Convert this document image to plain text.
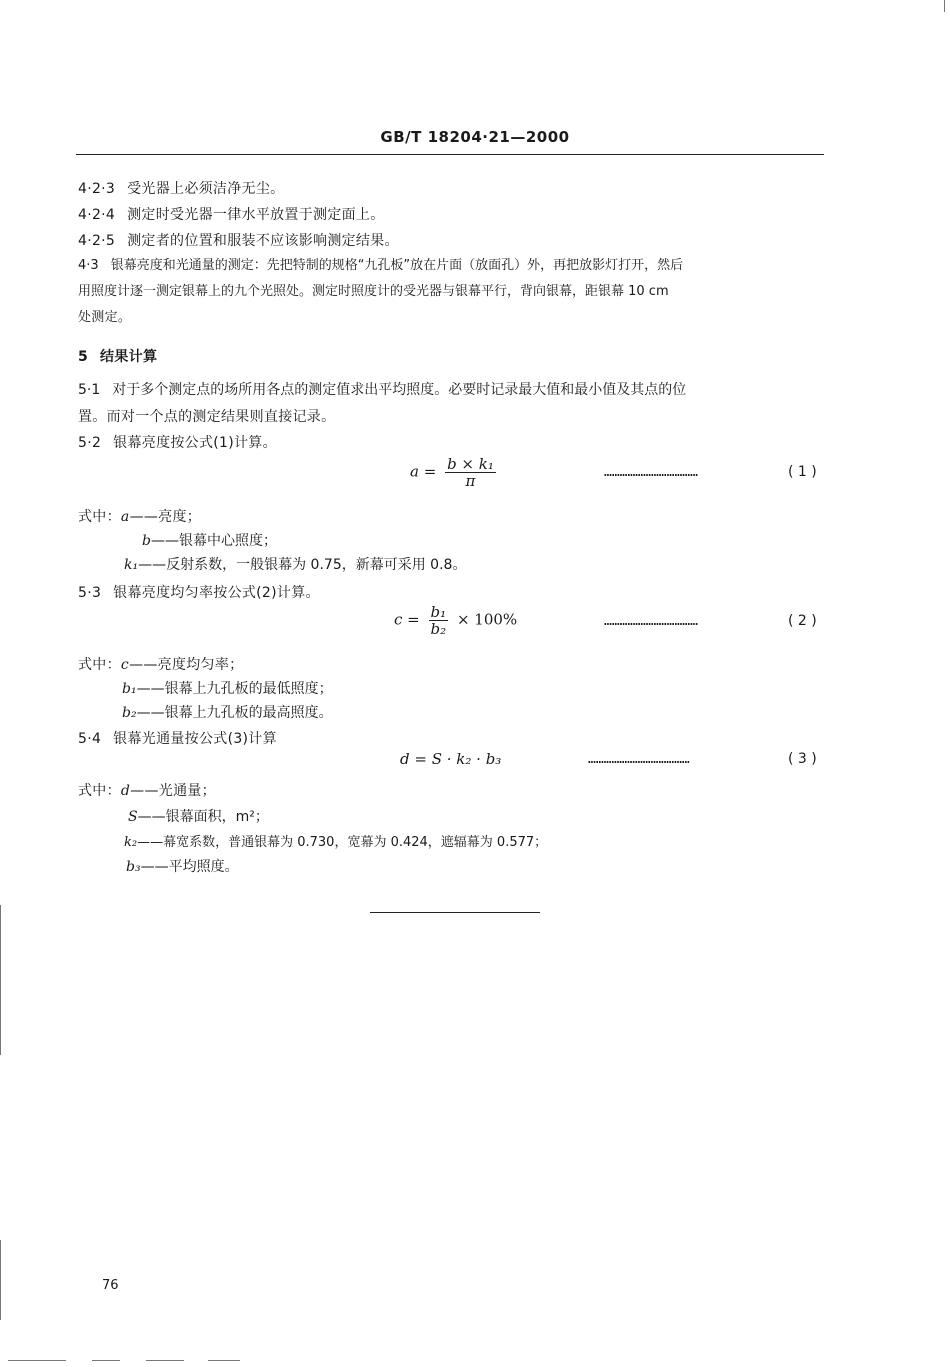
GB/T 18204·21—2000
4·2·3 受光器上必须洁净无尘。
4·2·4 测定时受光器一律水平放置于测定面上。
4·2·5 测定者的位置和服装不应该影响测定结果。
4·3 银幕亮度和光通量的测定：先把特制的规格“九孔板”放在片面（放面孔）外，再把放影灯打开，然后
用照度计逐一测定银幕上的九个光照处。测定时照度计的受光器与银幕平行，背向银幕，距银幕 10 cm
处测定。
5 结果计算
5·1 对于多个测定点的场所用各点的测定值求出平均照度。必要时记录最大值和最小值及其点的位
置。而对一个点的测定结果则直接记录。
5·2 银幕亮度按公式(1)计算。
$a = \frac{\text{b × k₁}}{\pi}$	………………………………	( 1 )
式中：a——亮度；
b——银幕中心照度；
k₁——反射系数，一般银幕为 0.75，新幕可采用 0.8。
5·3 银幕亮度均匀率按公式(2)计算。
$c = \frac{\text{b₁}}{\text{b₂}} \times 100\%$	………………………………	( 2 )
式中：c——亮度均匀率；
b₁——银幕上九孔板的最低照度；
b₂——银幕上九孔板的最高照度。
5·4 银幕光通量按公式(3)计算
d = S · k₂ · b₃	…………………………………	( 3 )
式中：d——光通量；
S——银幕面积，m²；
k₂——幕宽系数，普通银幕为 0.730，宽幕为 0.424，遮辐幕为 0.577；
b₃——平均照度。
76
